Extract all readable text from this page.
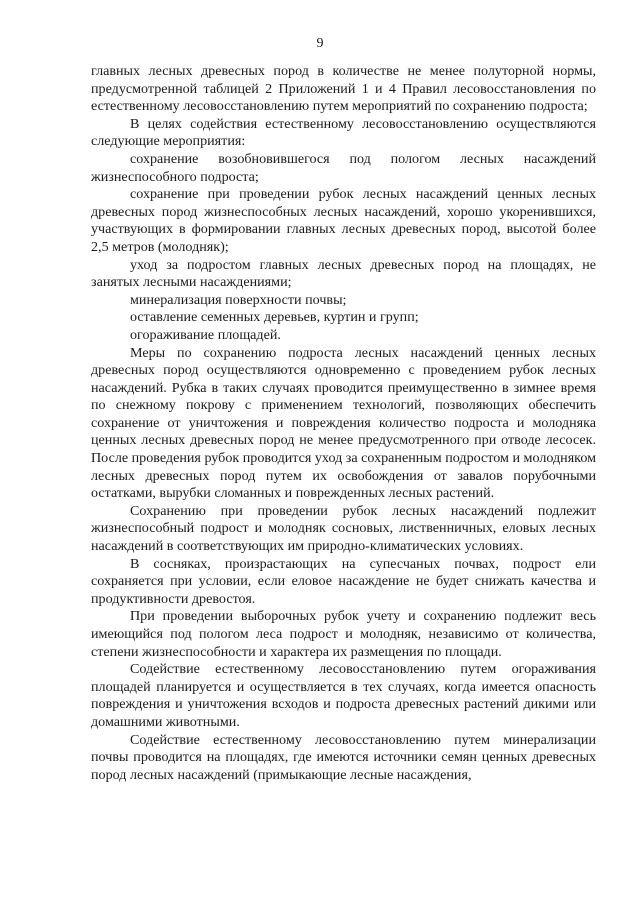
9

главных лесных древесных пород в количестве не менее полуторной нормы, предусмотренной таблицей 2 Приложений 1 и 4 Правил лесовосстановления по естественному лесовосстановлению путем мероприятий по сохранению подроста;

В целях содействия естественному лесовосстановлению осуществляются следующие мероприятия:

сохранение возобновившегося под пологом лесных насаждений жизнеспособного подроста;

сохранение при проведении рубок лесных насаждений ценных лесных древесных пород жизнеспособных лесных насаждений, хорошо укоренившихся, участвующих в формировании главных лесных древесных пород, высотой более 2,5 метров (молодняк);

уход за подростом главных лесных древесных пород на площадях, не занятых лесными насаждениями;

минерализация поверхности почвы;

оставление семенных деревьев, куртин и групп;

огораживание площадей.

Меры по сохранению подроста лесных насаждений ценных лесных древесных пород осуществляются одновременно с проведением рубок лесных насаждений. Рубка в таких случаях проводится преимущественно в зимнее время по снежному покрову с применением технологий, позволяющих обеспечить сохранение от уничтожения и повреждения количество подроста и молодняка ценных лесных древесных пород не менее предусмотренного при отводе лесосек. После проведения рубок проводится уход за сохраненным подростом и молодняком лесных древесных пород путем их освобождения от завалов порубочными остатками, вырубки сломанных и поврежденных лесных растений.

Сохранению при проведении рубок лесных насаждений подлежит жизнеспособный подрост и молодняк сосновых, лиственничных, еловых лесных насаждений в соответствующих им природно-климатических условиях.

В сосняках, произрастающих на супесчаных почвах, подрост ели сохраняется при условии, если еловое насаждение не будет снижать качества и продуктивности древостоя.

При проведении выборочных рубок учету и сохранению подлежит весь имеющийся под пологом леса подрост и молодняк, независимо от количества, степени жизнеспособности и характера их размещения по площади.

Содействие естественному лесовосстановлению путем огораживания площадей планируется и осуществляется в тех случаях, когда имеется опасность повреждения и уничтожения всходов и подроста древесных растений дикими или домашними животными.

Содействие естественному лесовосстановлению путем минерализации почвы проводится на площадях, где имеются источники семян ценных древесных пород лесных насаждений (примыкающие лесные насаждения,
